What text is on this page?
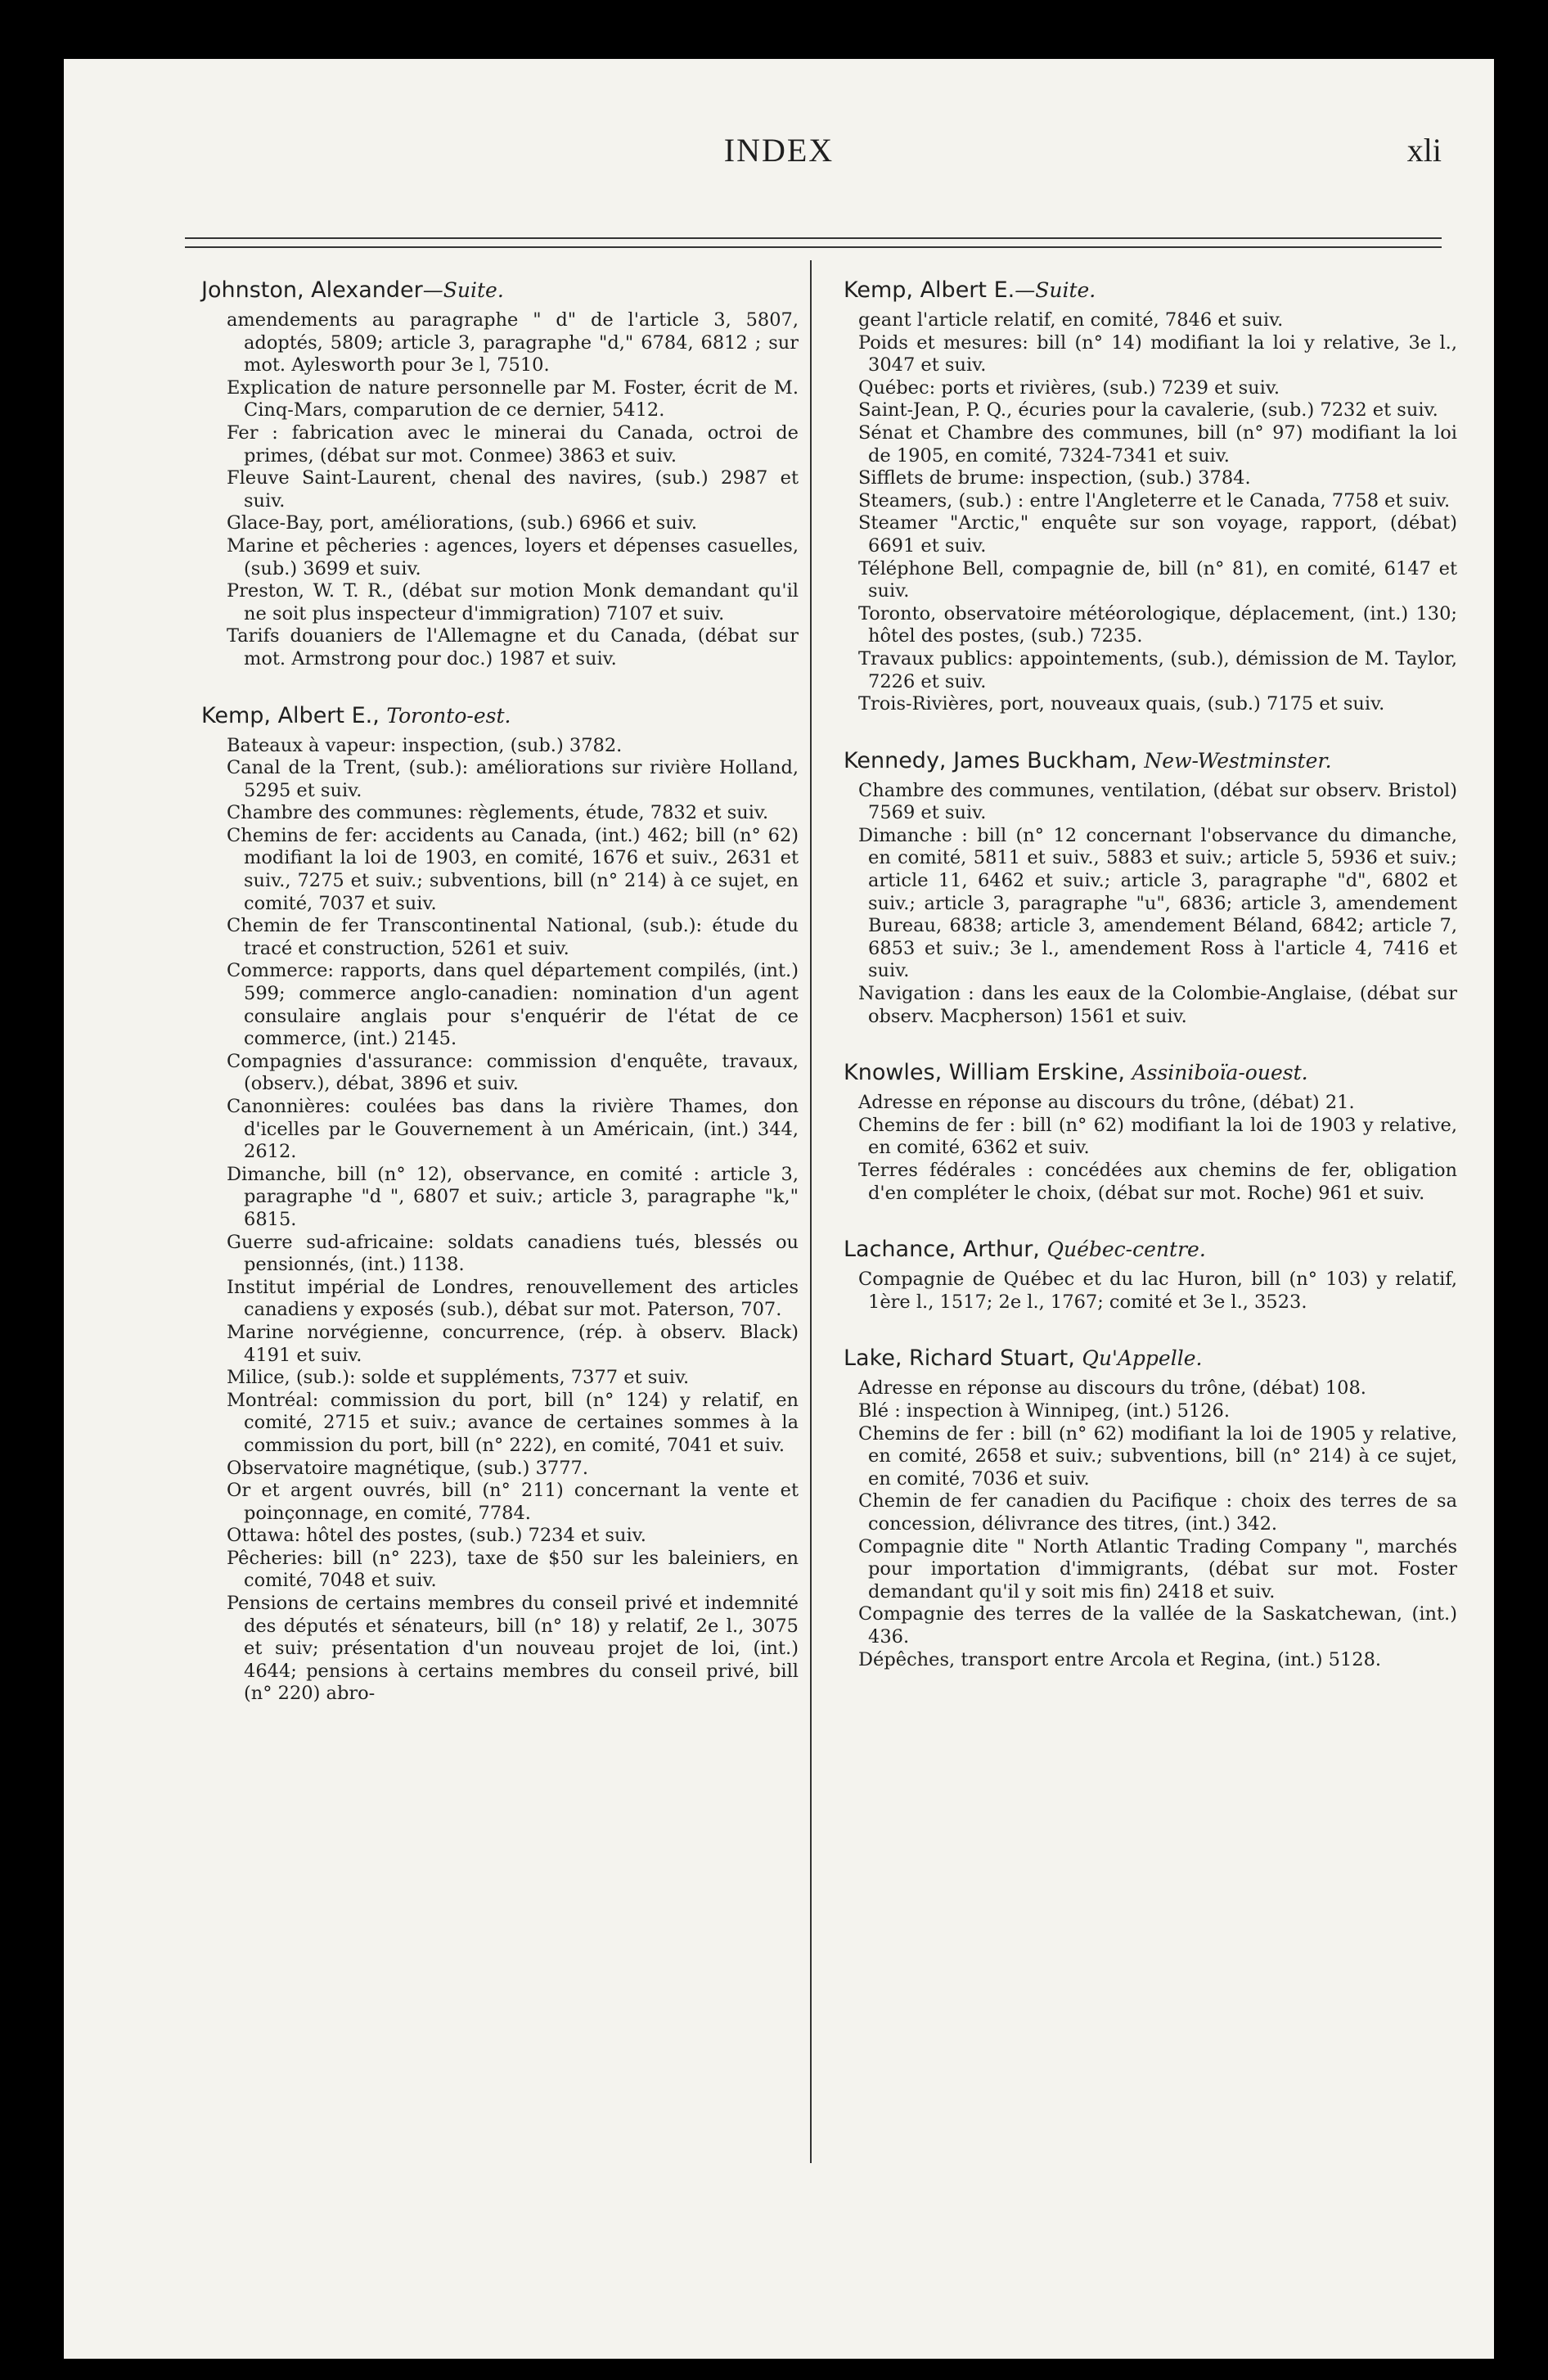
INDEX	xli
Johnston, Alexander—Suite.
amendements au paragraphe " d" de l'article 3, 5807, adoptés, 5809; article 3, paragraphe "d," 6784, 6812 ; sur mot. Aylesworth pour 3e l, 7510.
Explication de nature personnelle par M. Foster, écrit de M. Cinq-Mars, comparution de ce dernier, 5412.
Fer : fabrication avec le minerai du Canada, octroi de primes, (débat sur mot. Conmee) 3863 et suiv.
Fleuve Saint-Laurent, chenal des navires, (sub.) 2987 et suiv.
Glace-Bay, port, améliorations, (sub.) 6966 et suiv.
Marine et pêcheries : agences, loyers et dépenses casuelles, (sub.) 3699 et suiv.
Preston, W. T. R., (débat sur motion Monk demandant qu'il ne soit plus inspecteur d'immigration) 7107 et suiv.
Tarifs douaniers de l'Allemagne et du Canada, (débat sur mot. Armstrong pour doc.) 1987 et suiv.
Kemp, Albert E., Toronto-est.
Bateaux à vapeur: inspection, (sub.) 3782.
Canal de la Trent, (sub.): améliorations sur rivière Holland, 5295 et suiv.
Chambre des communes: règlements, étude, 7832 et suiv.
Chemins de fer: accidents au Canada, (int.) 462; bill (n° 62) modifiant la loi de 1903, en comité, 1676 et suiv., 2631 et suiv., 7275 et suiv.; subventions, bill (n° 214) à ce sujet, en comité, 7037 et suiv.
Chemin de fer Transcontinental National, (sub.): étude du tracé et construction, 5261 et suiv.
Commerce: rapports, dans quel département compilés, (int.) 599; commerce anglo-canadien: nomination d'un agent consulaire anglais pour s'enquérir de l'état de ce commerce, (int.) 2145.
Compagnies d'assurance: commission d'enquête, travaux, (observ.), débat, 3896 et suiv.
Canonnières: coulées bas dans la rivière Thames, don d'icelles par le Gouvernement à un Américain, (int.) 344, 2612.
Dimanche, bill (n° 12), observance, en comité : article 3, paragraphe "d ", 6807 et suiv.; article 3, paragraphe "k," 6815.
Guerre sud-africaine: soldats canadiens tués, blessés ou pensionnés, (int.) 1138.
Institut impérial de Londres, renouvellement des articles canadiens y exposés (sub.), débat sur mot. Paterson, 707.
Marine norvégienne, concurrence, (rép. à observ. Black) 4191 et suiv.
Milice, (sub.): solde et suppléments, 7377 et suiv.
Montréal: commission du port, bill (n° 124) y relatif, en comité, 2715 et suiv.; avance de certaines sommes à la commission du port, bill (n° 222), en comité, 7041 et suiv.
Observatoire magnétique, (sub.) 3777.
Or et argent ouvrés, bill (n° 211) concernant la vente et poinçonnage, en comité, 7784.
Ottawa: hôtel des postes, (sub.) 7234 et suiv.
Pêcheries: bill (n° 223), taxe de $50 sur les baleiniers, en comité, 7048 et suiv.
Pensions de certains membres du conseil privé et indemnité des députés et sénateurs, bill (n° 18) y relatif, 2e l., 3075 et suiv; présentation d'un nouveau projet de loi, (int.) 4644; pensions à certains membres du conseil privé, bill (n° 220) abro-
Kemp, Albert E.—Suite.
geant l'article relatif, en comité, 7846 et suiv.
Poids et mesures: bill (n° 14) modifiant la loi y relative, 3e l., 3047 et suiv.
Québec: ports et rivières, (sub.) 7239 et suiv.
Saint-Jean, P. Q., écuries pour la cavalerie, (sub.) 7232 et suiv.
Sénat et Chambre des communes, bill (n° 97) modifiant la loi de 1905, en comité, 7324-7341 et suiv.
Sifflets de brume: inspection, (sub.) 3784.
Steamers, (sub.) : entre l'Angleterre et le Canada, 7758 et suiv.
Steamer "Arctic," enquête sur son voyage, rapport, (débat) 6691 et suiv.
Téléphone Bell, compagnie de, bill (n° 81), en comité, 6147 et suiv.
Toronto, observatoire météorologique, déplacement, (int.) 130; hôtel des postes, (sub.) 7235.
Travaux publics: appointements, (sub.), démission de M. Taylor, 7226 et suiv.
Trois-Rivières, port, nouveaux quais, (sub.) 7175 et suiv.
Kennedy, James Buckham, New-Westminster.
Chambre des communes, ventilation, (débat sur observ. Bristol) 7569 et suiv.
Dimanche : bill (n° 12 concernant l'observance du dimanche, en comité, 5811 et suiv., 5883 et suiv.; article 5, 5936 et suiv.; article 11, 6462 et suiv.; article 3, paragraphe "d", 6802 et suiv.; article 3, paragraphe "u", 6836; article 3, amendement Bureau, 6838; article 3, amendement Béland, 6842; article 7, 6853 et suiv.; 3e l., amendement Ross à l'article 4, 7416 et suiv.
Navigation : dans les eaux de la Colombie-Anglaise, (débat sur observ. Macpherson) 1561 et suiv.
Knowles, William Erskine, Assiniboïa-ouest.
Adresse en réponse au discours du trône, (débat) 21.
Chemins de fer : bill (n° 62) modifiant la loi de 1903 y relative, en comité, 6362 et suiv.
Terres fédérales : concédées aux chemins de fer, obligation d'en compléter le choix, (débat sur mot. Roche) 961 et suiv.
Lachance, Arthur, Québec-centre.
Compagnie de Québec et du lac Huron, bill (n° 103) y relatif, 1ère l., 1517; 2e l., 1767; comité et 3e l., 3523.
Lake, Richard Stuart, Qu'Appelle.
Adresse en réponse au discours du trône, (débat) 108.
Blé : inspection à Winnipeg, (int.) 5126.
Chemins de fer : bill (n° 62) modifiant la loi de 1905 y relative, en comité, 2658 et suiv.; subventions, bill (n° 214) à ce sujet, en comité, 7036 et suiv.
Chemin de fer canadien du Pacifique : choix des terres de sa concession, délivrance des titres, (int.) 342.
Compagnie dite " North Atlantic Trading Company ", marchés pour importation d'immigrants, (débat sur mot. Foster demandant qu'il y soit mis fin) 2418 et suiv.
Compagnie des terres de la vallée de la Saskatchewan, (int.) 436.
Dépêches, transport entre Arcola et Regina, (int.) 5128.
